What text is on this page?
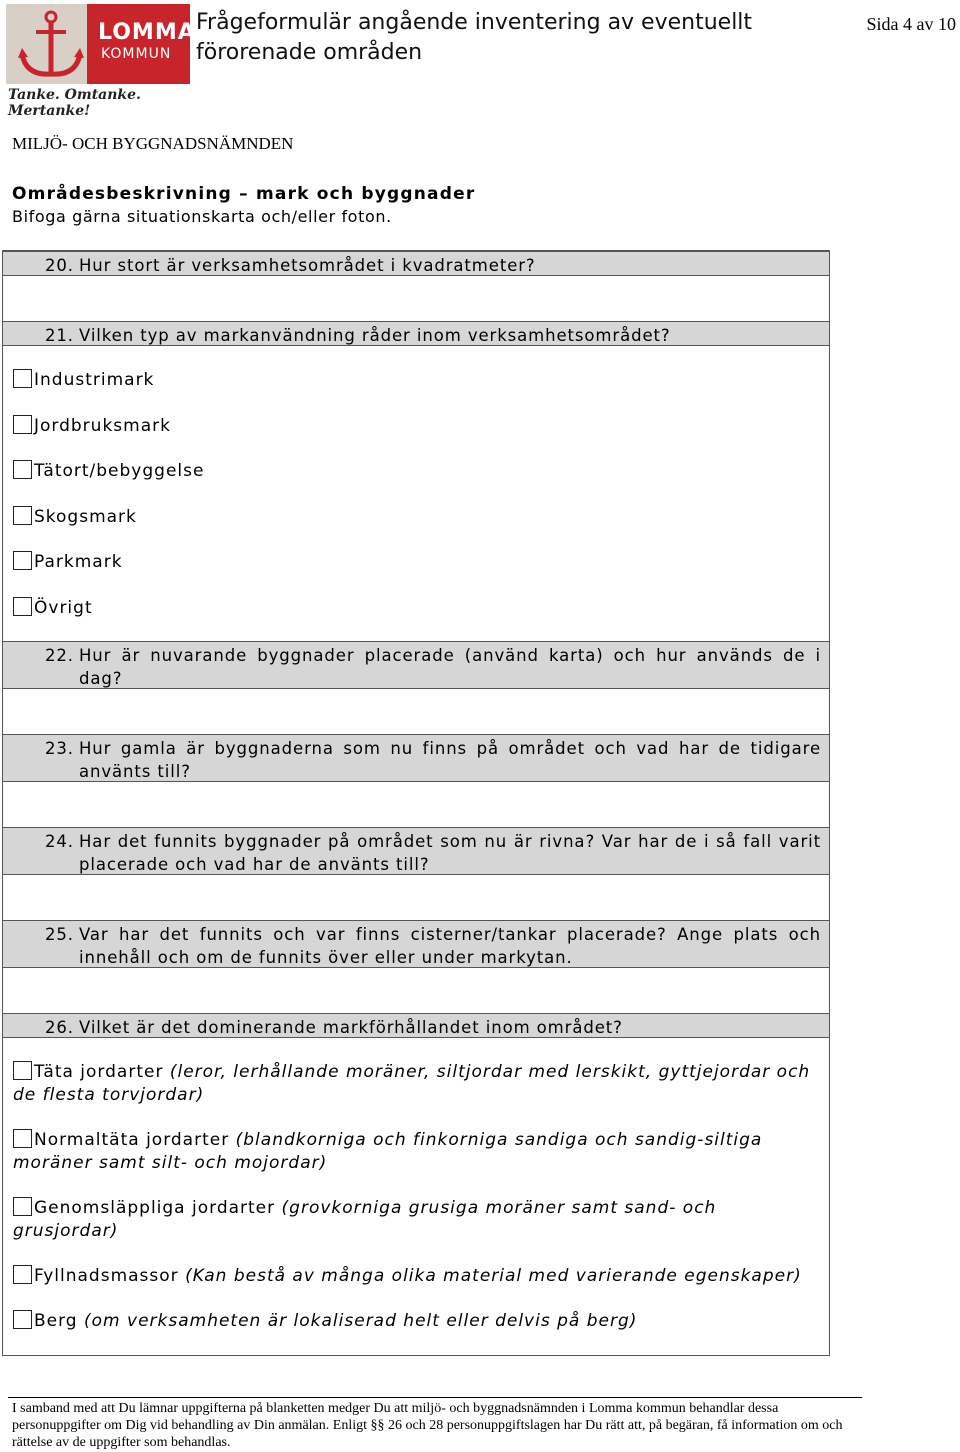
LOMMA
KOMMUN
Tanke. Omtanke. Mertanke!
Frågeformulär angående inventering av eventuellt förorenade områden
Sida 4 av 10
MILJÖ- OCH BYGGNADSNÄMNDEN
Områdesbeskrivning – mark och byggnader
Bifoga gärna situationskarta och/eller foton.
20. Hur stort är verksamhetsområdet i kvadratmeter?
21. Vilken typ av markanvändning råder inom verksamhetsområdet?
Industrimark
Jordbruksmark
Tätort/bebyggelse
Skogsmark
Parkmark
Övrigt
22. Hur är nuvarande byggnader placerade (använd karta) och hur används de i dag?
23. Hur gamla är byggnaderna som nu finns på området och vad har de tidigare använts till?
24. Har det funnits byggnader på området som nu är rivna? Var har de i så fall varit placerade och vad har de använts till?
25. Var har det funnits och var finns cisterner/tankar placerade? Ange plats och innehåll och om de funnits över eller under markytan.
26. Vilket är det dominerande markförhållandet inom området?
Täta jordarter (leror, lerhållande moräner, siltjordar med lerskikt, gyttjejordar och de flesta torvjordar)
Normaltäta jordarter (blandkorniga och finkorniga sandiga och sandig-siltiga moräner samt silt- och mojordar)
Genomsläppliga jordarter (grovkorniga grusiga moräner samt sand- och grusjordar)
Fyllnadsmassor (Kan bestå av många olika material med varierande egenskaper)
Berg (om verksamheten är lokaliserad helt eller delvis på berg)
I samband med att Du lämnar uppgifterna på blanketten medger Du att miljö- och byggnadsnämnden i Lomma kommun behandlar dessa personuppgifter om Dig vid behandling av Din anmälan. Enligt §§ 26 och 28 personuppgiftslagen har Du rätt att, på begäran, få information om och rättelse av de uppgifter som behandlas.
